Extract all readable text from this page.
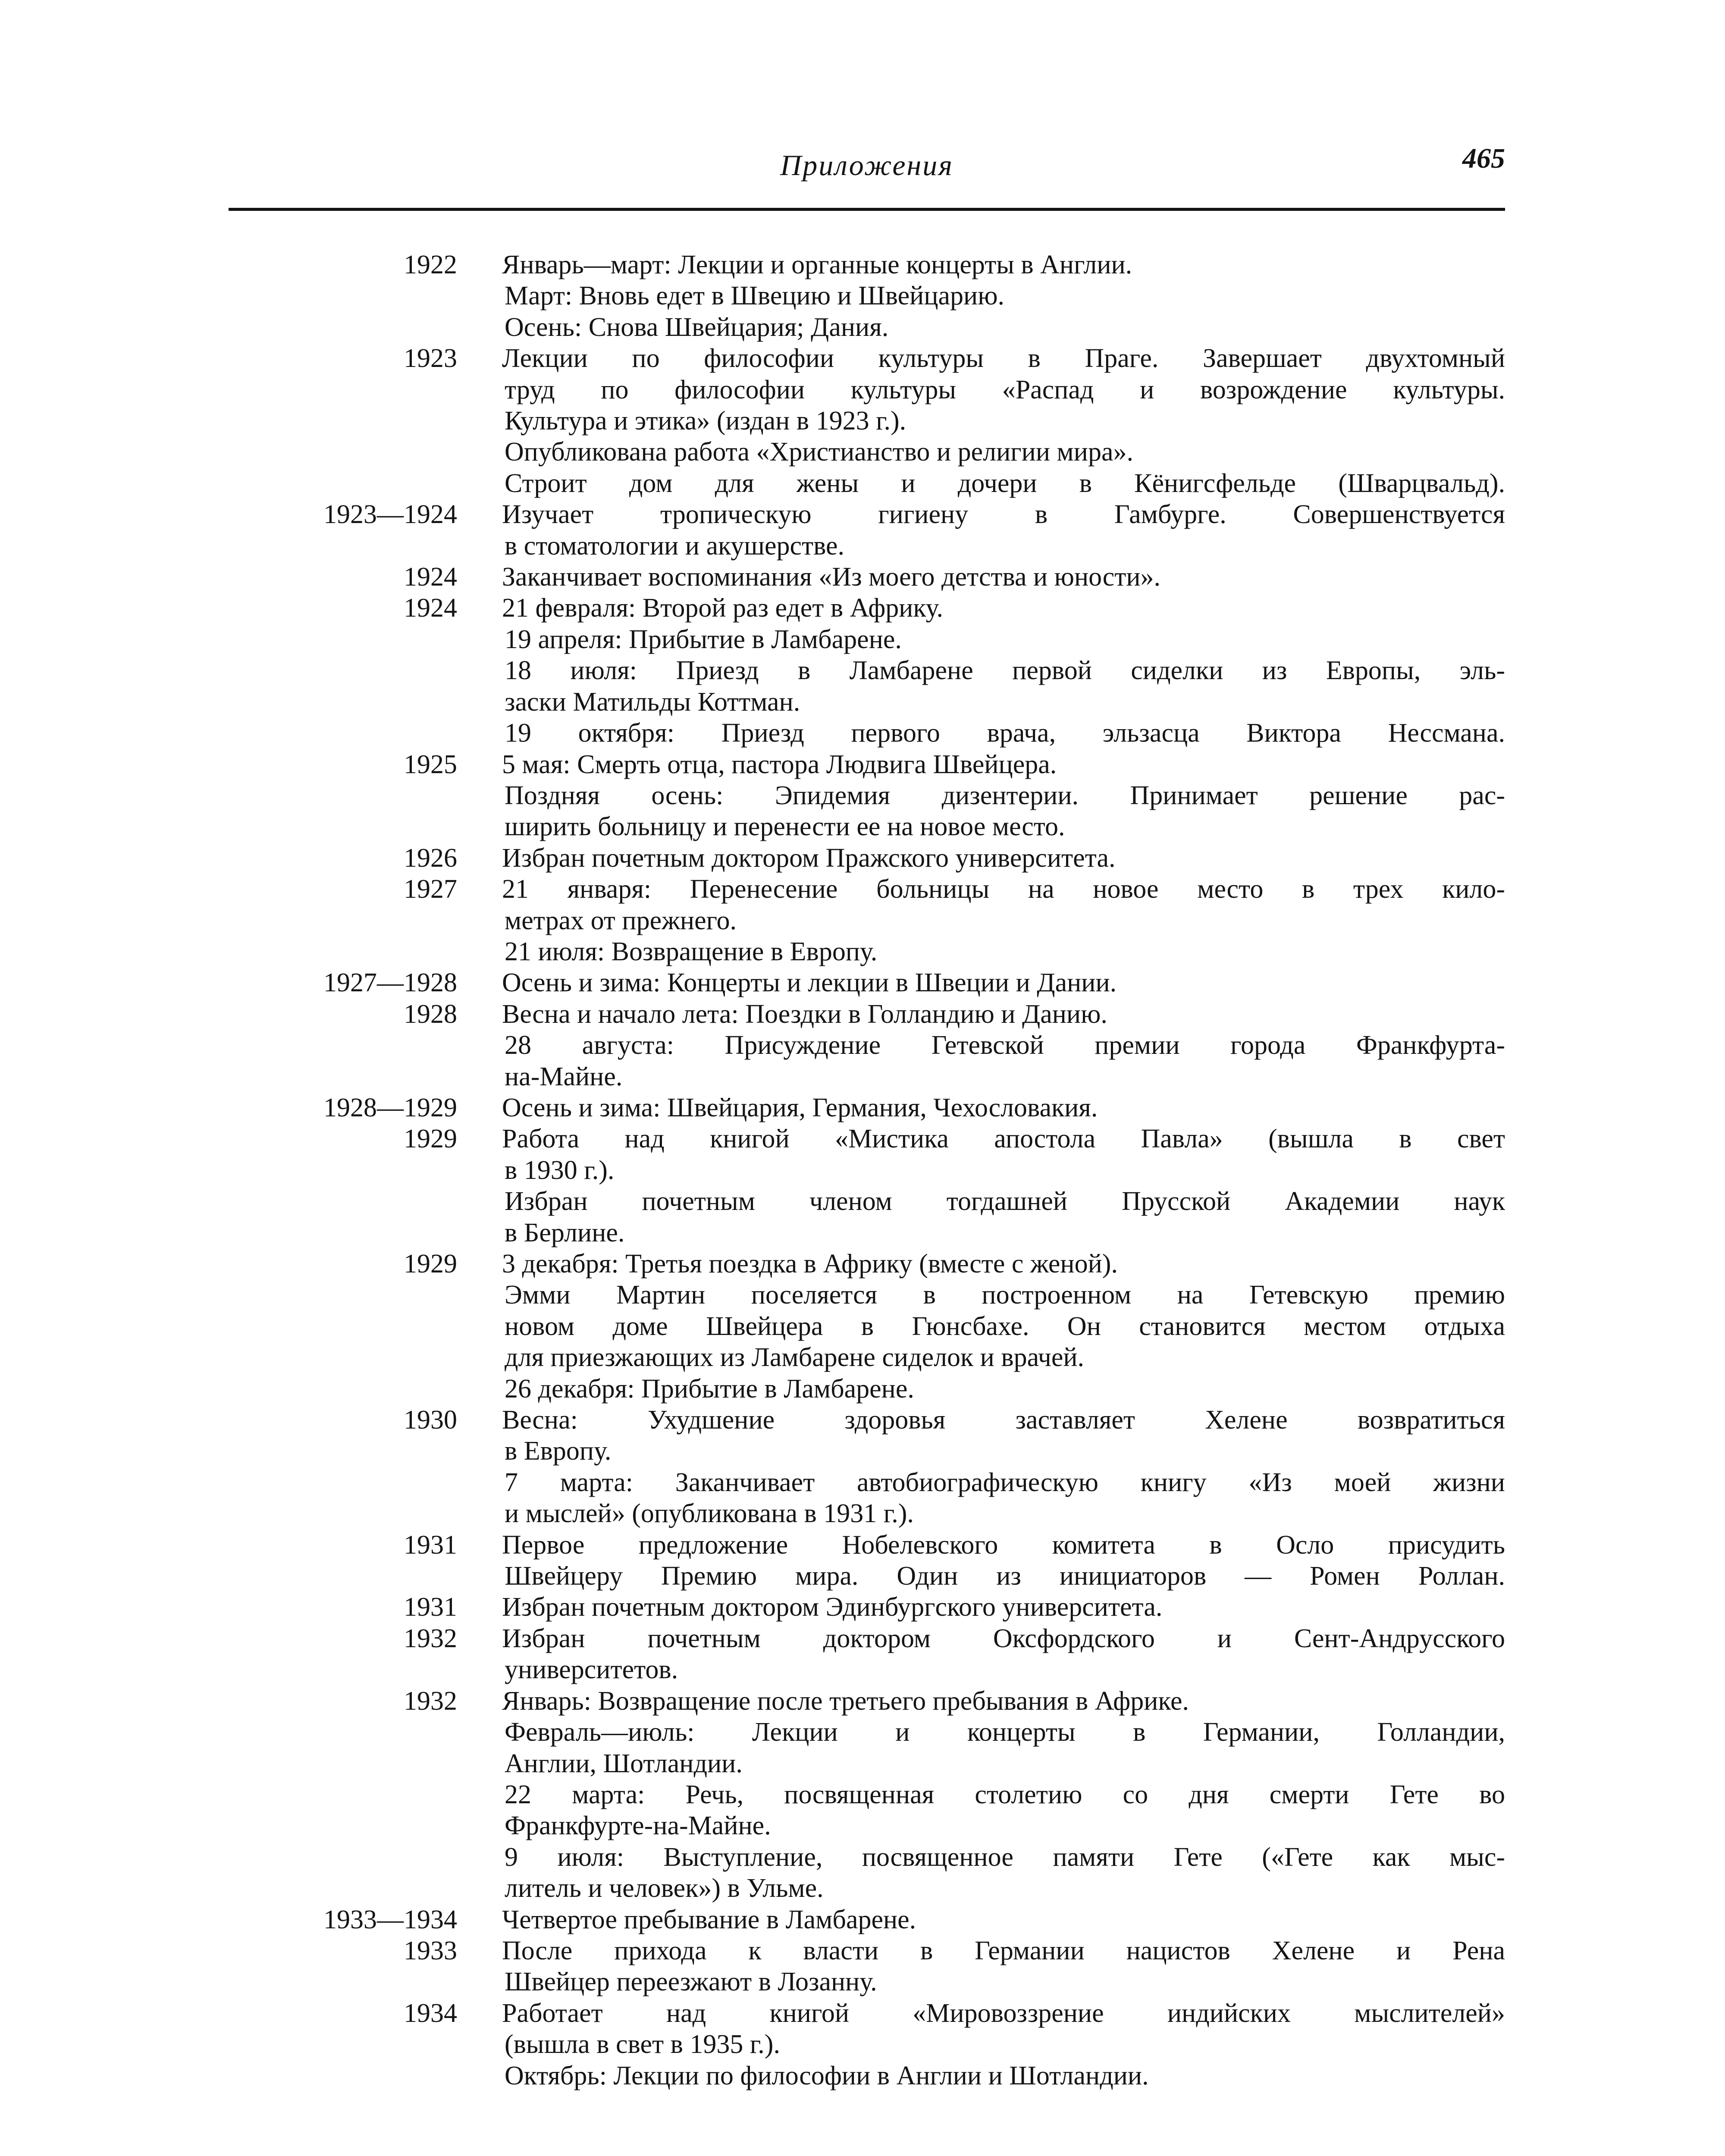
Приложения	465
1922 Январь—март: Лекции и органные концерты в Англии.
Март: Вновь едет в Швецию и Швейцарию.
Осень: Снова Швейцария; Дания.
1923 Лекции по философии культуры в Праге. Завершает двухтомный
труд по философии культуры «Распад и возрождение культуры.
Культура и этика» (издан в 1923 г.).
Опубликована работа «Христианство и религии мира».
Строит дом для жены и дочери в Кёнигсфельде (Шварцвальд).
1923—1924 Изучает тропическую гигиену в Гамбурге. Совершенствуется
в стоматологии и акушерстве.
1924 Заканчивает воспоминания «Из моего детства и юности».
1924 21 февраля: Второй раз едет в Африку.
19 апреля: Прибытие в Ламбарене.
18 июля: Приезд в Ламбарене первой сиделки из Европы, эль-
заски Матильды Коттман.
19 октября: Приезд первого врача, эльзасца Виктора Нессмана.
1925 5 мая: Смерть отца, пастора Людвига Швейцера.
Поздняя осень: Эпидемия дизентерии. Принимает решение рас-
ширить больницу и перенести ее на новое место.
1926 Избран почетным доктором Пражского университета.
1927 21 января: Перенесение больницы на новое место в трех кило-
метрах от прежнего.
21 июля: Возвращение в Европу.
1927—1928 Осень и зима: Концерты и лекции в Швеции и Дании.
1928 Весна и начало лета: Поездки в Голландию и Данию.
28 августа: Присуждение Гетевской премии города Франкфурта-
на-Майне.
1928—1929 Осень и зима: Швейцария, Германия, Чехословакия.
1929 Работа над книгой «Мистика апостола Павла» (вышла в свет
в 1930 г.).
Избран почетным членом тогдашней Прусской Академии наук
в Берлине.
1929 3 декабря: Третья поездка в Африку (вместе с женой).
Эмми Мартин поселяется в построенном на Гетевскую премию
новом доме Швейцера в Гюнсбахе. Он становится местом отдыха
для приезжающих из Ламбарене сиделок и врачей.
26 декабря: Прибытие в Ламбарене.
1930 Весна: Ухудшение здоровья заставляет Хелене возвратиться
в Европу.
7 марта: Заканчивает автобиографическую книгу «Из моей жизни
и мыслей» (опубликована в 1931 г.).
1931 Первое предложение Нобелевского комитета в Осло присудить
Швейцеру Премию мира. Один из инициаторов — Ромен Роллан.
1931 Избран почетным доктором Эдинбургского университета.
1932 Избран почетным доктором Оксфордского и Сент-Андрусского
университетов.
1932 Январь: Возвращение после третьего пребывания в Африке.
Февраль—июль: Лекции и концерты в Германии, Голландии,
Англии, Шотландии.
22 марта: Речь, посвященная столетию со дня смерти Гете во
Франкфурте-на-Майне.
9 июля: Выступление, посвященное памяти Гете («Гете как мыс-
литель и человек») в Ульме.
1933—1934 Четвертое пребывание в Ламбарене.
1933 После прихода к власти в Германии нацистов Хелене и Рена
Швейцер переезжают в Лозанну.
1934 Работает над книгой «Мировоззрение индийских мыслителей»
(вышла в свет в 1935 г.).
Октябрь: Лекции по философии в Англии и Шотландии.
